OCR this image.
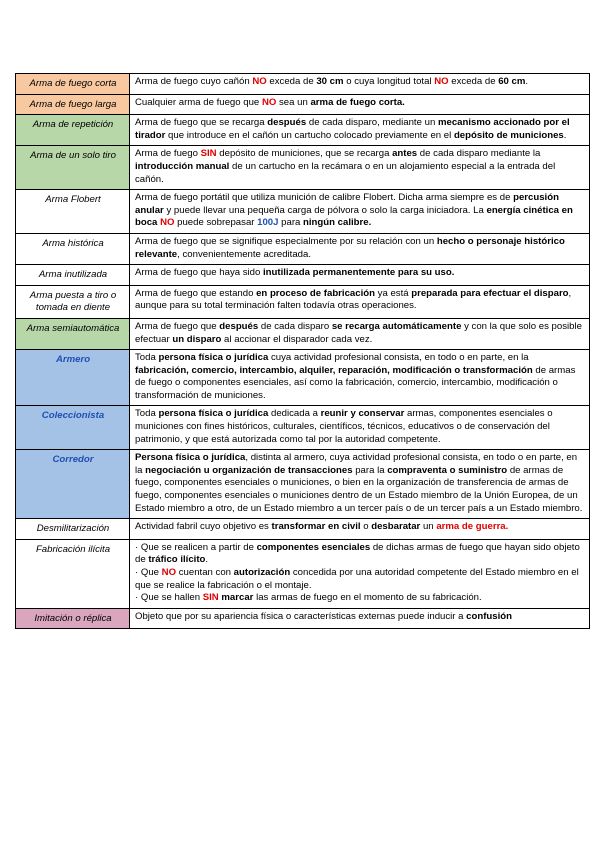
Arma de fuego corta	Arma de fuego cuyo cañón NO exceda de 30 cm o cuya longitud total NO exceda de 60 cm.
Arma de fuego larga	Cualquier arma de fuego que NO sea un arma de fuego corta.
Arma de repetición	Arma de fuego que se recarga después de cada disparo, mediante un mecanismo accionado por el tirador que introduce en el cañón un cartucho colocado previamente en el depósito de municiones.
Arma de un solo tiro	Arma de fuego SIN depósito de municiones, que se recarga antes de cada disparo mediante la introducción manual de un cartucho en la recámara o en un alojamiento especial a la entrada del cañón.
Arma Flobert	Arma de fuego portátil que utiliza munición de calibre Flobert. Dicha arma siempre es de percusión anular y puede llevar una pequeña carga de pólvora o solo la carga iniciadora. La energía cinética en boca NO puede sobrepasar 100J para ningún calibre.
Arma histórica	Arma de fuego que se signifique especialmente por su relación con un hecho o personaje histórico relevante, convenientemente acreditada.
Arma inutilizada	Arma de fuego que haya sido inutilizada permanentemente para su uso.
Arma puesta a tiro o tomada en diente	Arma de fuego que estando en proceso de fabricación ya está preparada para efectuar el disparo, aunque para su total terminación falten todavía otras operaciones.
Arma semiautomática	Arma de fuego que después de cada disparo se recarga automáticamente y con la que solo es posible efectuar un disparo al accionar el disparador cada vez.
Armero	Toda persona física o jurídica cuya actividad profesional consista, en todo o en parte, en la fabricación, comercio, intercambio, alquiler, reparación, modificación o transformación de armas de fuego o componentes esenciales, así como la fabricación, comercio, intercambio, modificación o transformación de municiones.
Coleccionista	Toda persona física o jurídica dedicada a reunir y conservar armas, componentes esenciales o municiones con fines históricos, culturales, científicos, técnicos, educativos o de conservación del patrimonio, y que está autorizada como tal por la autoridad competente.
Corredor	Persona física o jurídica, distinta al armero, cuya actividad profesional consista, en todo o en parte, en la negociación u organización de transacciones para la compraventa o suministro de armas de fuego, componentes esenciales o municiones, o bien en la organización de transferencia de armas de fuego, componentes esenciales o municiones dentro de un Estado miembro de la Unión Europea, de un Estado miembro a otro, de un Estado miembro a un tercer país o de un tercer país a un Estado miembro.
Desmilitarización	Actividad fabril cuyo objetivo es transformar en civil o desbaratar un arma de guerra.
Fabricación ilícita	· Que se realicen a partir de componentes esenciales de dichas armas de fuego que hayan sido objeto de tráfico ilícito.
· Que NO cuentan con autorización concedida por una autoridad competente del Estado miembro en el que se realice la fabricación o el montaje.
· Que se hallen SIN marcar las armas de fuego en el momento de su fabricación.
Imitación o réplica	Objeto que por su apariencia física o características externas puede inducir a confusión
